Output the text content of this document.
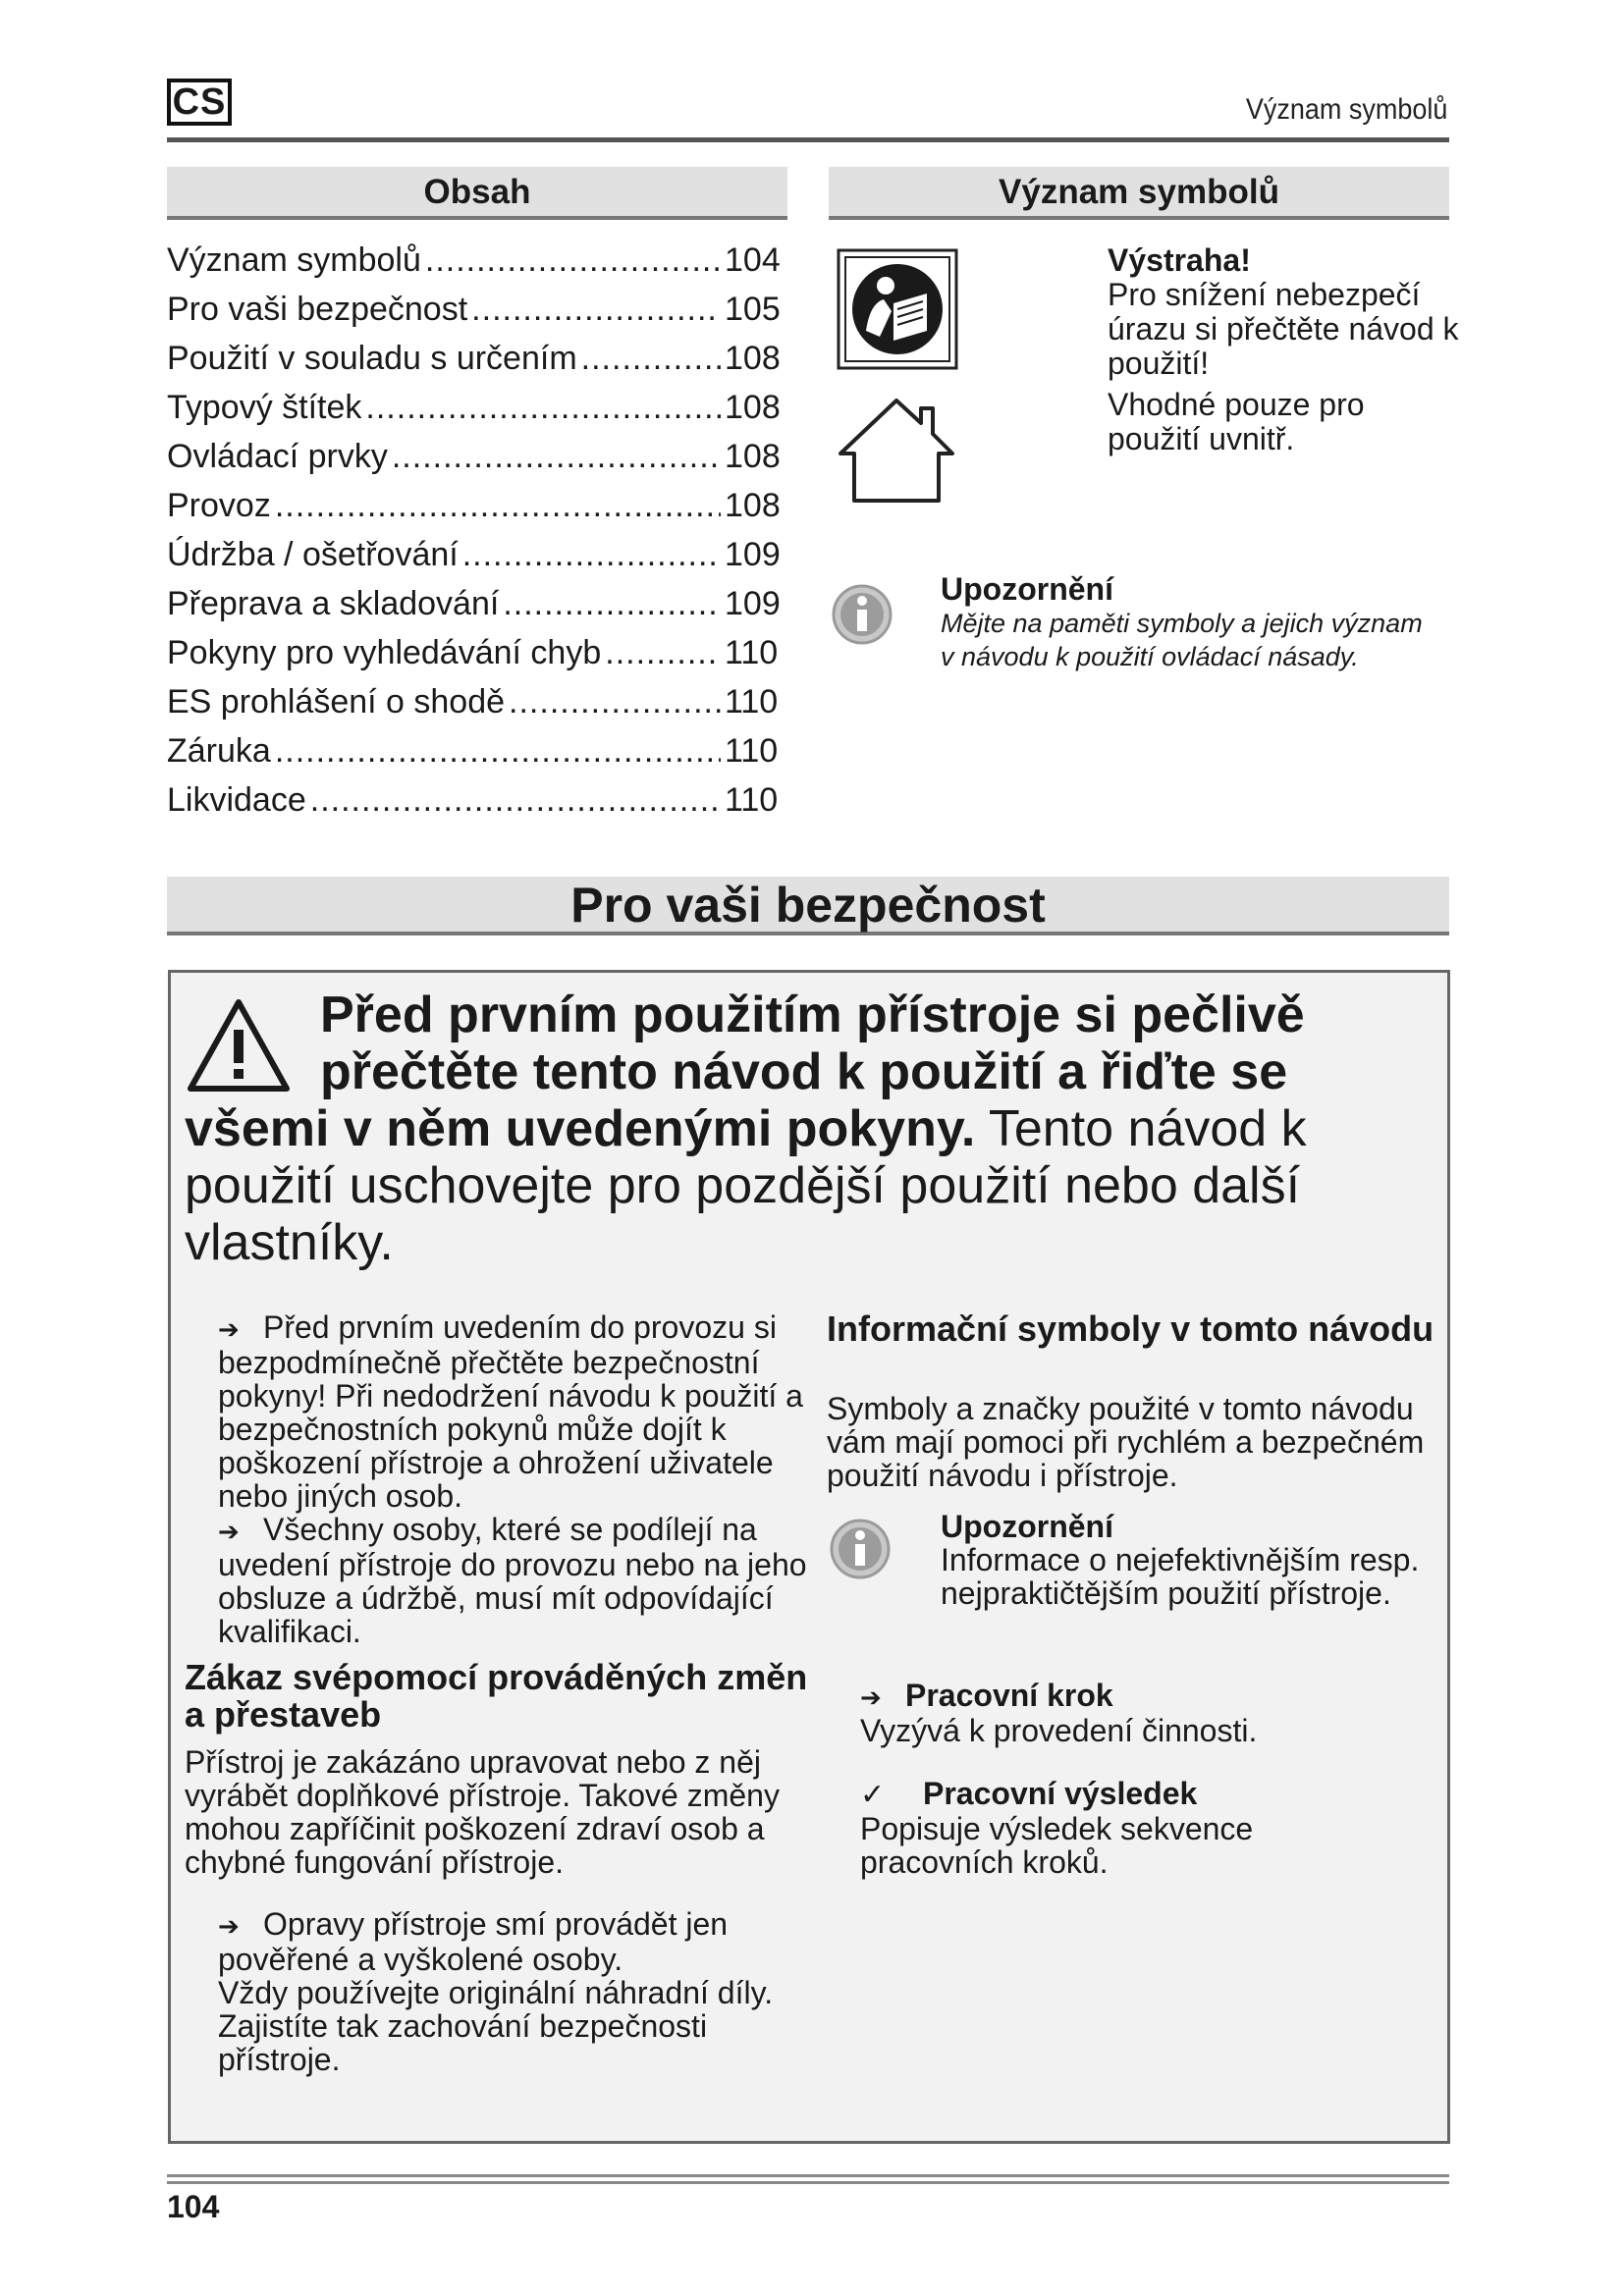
CS	Význam symbolů
Obsah	Význam symbolů
Význam symbolů .....	104
Pro vaši bezpečnost .....	105
Použití v souladu s určením .....	108
Typový štítek .....	108
Ovládací prvky .....	108
Provoz .....	108
Údržba / ošetřování .....	109
Přeprava a skladování .....	109
Pokyny pro vyhledávání chyb .....	110
ES prohlášení o shodě .....	110
Záruka .....	110
Likvidace .....	110
Výstraha!
Pro snížení nebezpečí úrazu si přečtěte návod k použití!
Vhodné pouze pro použití uvnitř.
Upozornění
Mějte na paměti symboly a jejich význam v návodu k použití ovládací násady.
Pro vaši bezpečnost
Před prvním použitím přístroje si pečlivě přečtěte tento návod k použití a řiďte se všemi v něm uvedenými pokyny. Tento návod k použití uschovejte pro pozdější použití nebo další vlastníky.

➔ Před prvním uvedením do provozu si bezpodmínečně přečtěte bezpečnostní pokyny! Při nedodržení návodu k použití a bezpečnostních pokynů může dojít k poškození přístroje a ohrožení uživatele nebo jiných osob.

➔ Všechny osoby, které se podílejí na uvedení přístroje do provozu nebo na jeho obsluze a údržbě, musí mít odpovídající kvalifikaci.

Zákaz svépomocí prováděných změn a přestaveb

Přístroj je zakázáno upravovat nebo z něj vyrábět doplňkové přístroje. Takové změny mohou zapříčinit poškození zdraví osob a chybné fungování přístroje.

➔ Opravy přístroje smí provádět jen pověřené a vyškolené osoby.

Vždy používejte originální náhradní díly. Zajistíte tak zachování bezpečnosti přístroje.

Informační symboly v tomto návodu
Symboly a značky použité v tomto návodu vám mají pomoci při rychlém a bezpečném použití návodu i přístroje.
Upozornění
Informace o nejefektivnějším resp. nejpraktičtějším použití přístroje.
➔ Pracovní krok
Vyzývá k provedení činnosti.
✓ Pracovní výsledek
Popisuje výsledek sekvence pracovních kroků.
104
